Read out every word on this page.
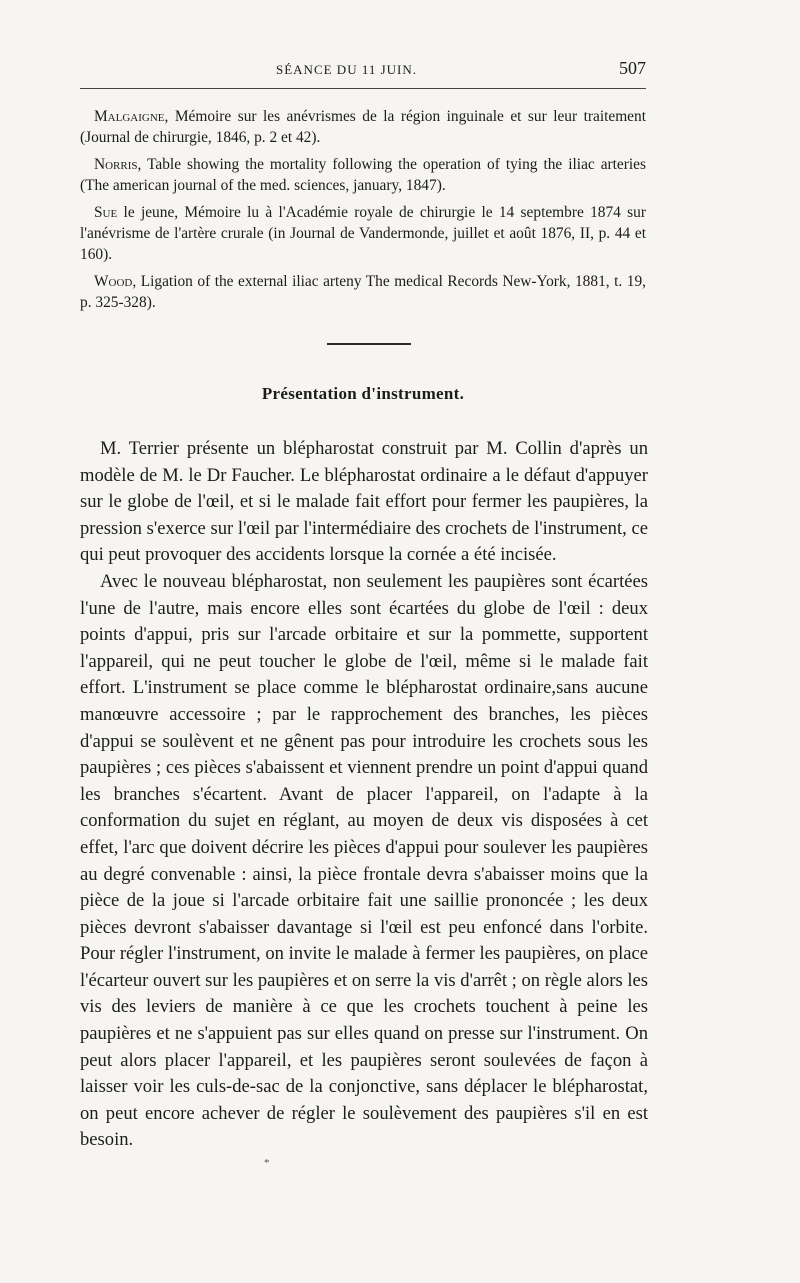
SÉANCE DU 11 JUIN.	507

Malgaigne, Mémoire sur les anévrismes de la région inguinale et sur leur traitement (Journal de chirurgie, 1846, p. 2 et 42).

Norris, Table showing the mortality following the operation of tying the iliac arteries (The american journal of the med. sciences, january, 1847).

Sue le jeune, Mémoire lu à l'Académie royale de chirurgie le 14 septembre 1874 sur l'anévrisme de l'artère crurale (in Journal de Vandermonde, juillet et août 1876, II, p. 44 et 160).

Wood, Ligation of the external iliac arteny The medical Records New-York, 1881, t. 19, p. 325-328).

Présentation d'instrument.

M. Terrier présente un blépharostat construit par M. Collin d'après un modèle de M. le Dr Faucher. Le blépharostat ordinaire a le défaut d'appuyer sur le globe de l'œil, et si le malade fait effort pour fermer les paupières, la pression s'exerce sur l'œil par l'intermédiaire des crochets de l'instrument, ce qui peut provoquer des accidents lorsque la cornée a été incisée.

Avec le nouveau blépharostat, non seulement les paupières sont écartées l'une de l'autre, mais encore elles sont écartées du globe de l'œil : deux points d'appui, pris sur l'arcade orbitaire et sur la pommette, supportent l'appareil, qui ne peut toucher le globe de l'œil, même si le malade fait effort. L'instrument se place comme le blépharostat ordinaire,sans aucune manœuvre accessoire ; par le rapprochement des branches, les pièces d'appui se soulèvent et ne gênent pas pour introduire les crochets sous les paupières ; ces pièces s'abaissent et viennent prendre un point d'appui quand les branches s'écartent. Avant de placer l'appareil, on l'adapte à la conformation du sujet en réglant, au moyen de deux vis disposées à cet effet, l'arc que doivent décrire les pièces d'appui pour soulever les paupières au degré convenable : ainsi, la pièce frontale devra s'abaisser moins que la pièce de la joue si l'arcade orbitaire fait une saillie prononcée ; les deux pièces devront s'abaisser davantage si l'œil est peu enfoncé dans l'orbite. Pour régler l'instrument, on invite le malade à fermer les paupières, on place l'écarteur ouvert sur les paupières et on serre la vis d'arrêt ; on règle alors les vis des leviers de manière à ce que les crochets touchent à peine les paupières et ne s'appuient pas sur elles quand on presse sur l'instrument. On peut alors placer l'appareil, et les paupières seront soulevées de façon à laisser voir les culs-de-sac de la conjonctive, sans déplacer le blépharostat, on peut encore achever de régler le soulèvement des paupières s'il en est besoin.

*
